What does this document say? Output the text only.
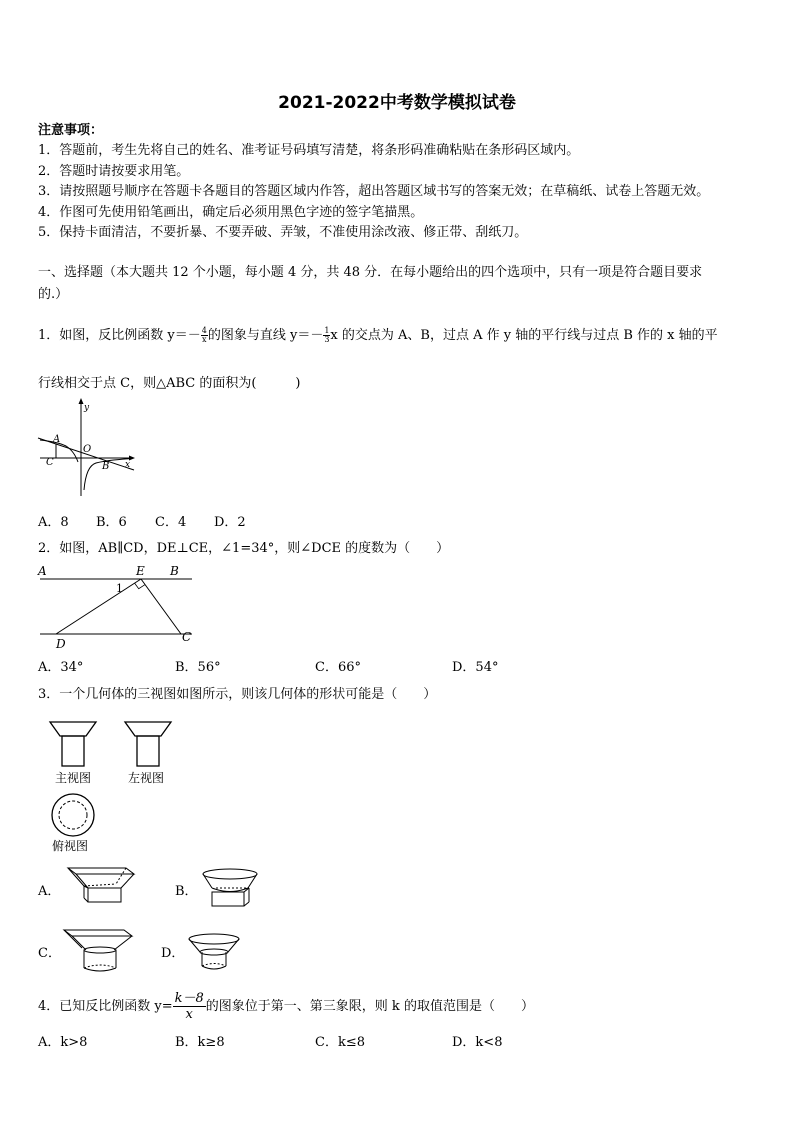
2021-2022中考数学模拟试卷
注意事项：
1．答题前，考生先将自己的姓名、准考证号码填写清楚，将条形码准确粘贴在条形码区域内。
2．答题时请按要求用笔。
3．请按照题号顺序在答题卡各题目的答题区域内作答，超出答题区域书写的答案无效；在草稿纸、试卷上答题无效。
4．作图可先使用铅笔画出，确定后必须用黑色字迹的签字笔描黑。
5．保持卡面清洁，不要折暴、不要弄破、弄皱，不准使用涂改液、修正带、刮纸刀。
一、选择题（本大题共 12 个小题，每小题 4 分，共 48 分．在每小题给出的四个选项中，只有一项是符合题目要求
的.）
1．如图，反比例函数 $y=- \frac{4}{x}$ 的图象与直线 $y=- \frac{1}{3}$ x 的交点为 A、B，过点 A 作 y 轴的平行线与过点 B 作的 x 轴的平
行线相交于点 C，则△ABC 的面积为(　　　)
y
x
O
A
B
C
A．8 B．6 C．4 D．2
2．如图，AB∥CD，DE⊥CE，∠1=34°，则∠DCE 的度数为（　　）
A	E B
1
D	C
A．34°	B．56°	C．66°	D．54°
3．一个几何体的三视图如图所示，则该几何体的形状可能是（　　）
主视图	左视图
俯视图
A．	B．
C．	D．
4．已知反比例函数 $y= \frac{k-8}{x}$ 的图象位于第一、第三象限，则 k 的取值范围是（　　）
A．k>8	B．k≥8	C．k≤8	D．k<8
